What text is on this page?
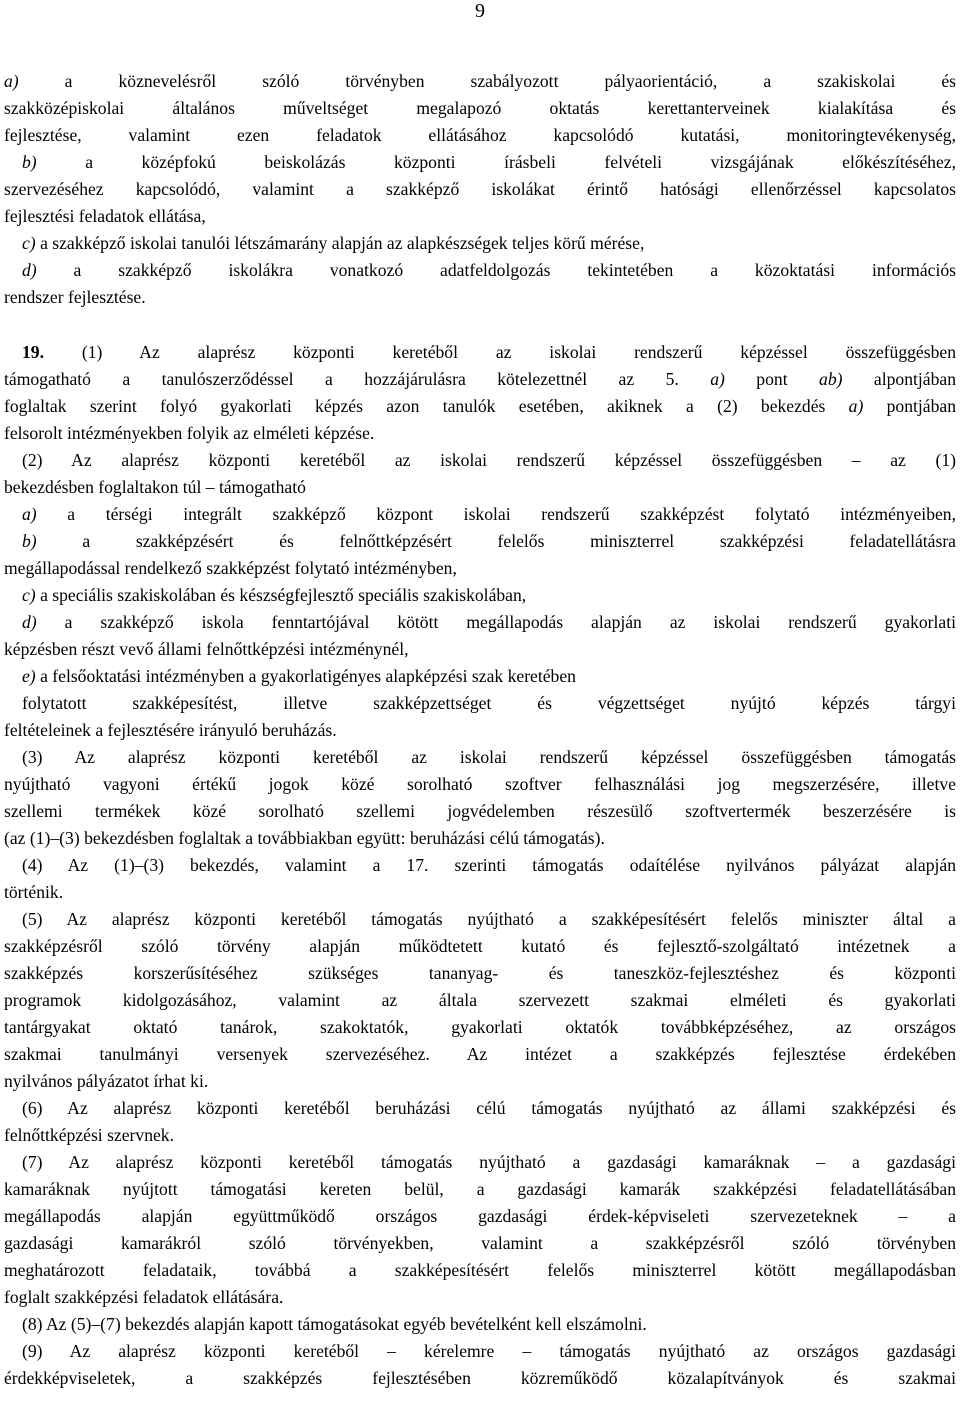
9
a) a köznevelésről szóló törvényben szabályozott pályaorientáció, a szakiskolai és
szakközépiskolai általános műveltséget megalapozó oktatás kerettanterveinek kialakítása és
fejlesztése, valamint ezen feladatok ellátásához kapcsolódó kutatási, monitoringtevékenység,
b) a középfokú beiskolázás központi írásbeli felvételi vizsgájának előkészítéséhez,
szervezéséhez kapcsolódó, valamint a szakképző iskolákat érintő hatósági ellenőrzéssel kapcsolatos
fejlesztési feladatok ellátása,
c) a szakképző iskolai tanulói létszámarány alapján az alapkészségek teljes körű mérése,
d) a szakképző iskolákra vonatkozó adatfeldolgozás tekintetében a közoktatási információs
rendszer fejlesztése.
19. (1) Az alaprész központi keretéből az iskolai rendszerű képzéssel összefüggésben
támogatható a tanulószerződéssel a hozzájárulásra kötelezettnél az 5. a) pont ab) alpontjában
foglaltak szerint folyó gyakorlati képzés azon tanulók esetében, akiknek a (2) bekezdés a) pontjában
felsorolt intézményekben folyik az elméleti képzése.
(2) Az alaprész központi keretéből az iskolai rendszerű képzéssel összefüggésben – az (1)
bekezdésben foglaltakon túl – támogatható
a) a térségi integrált szakképző központ iskolai rendszerű szakképzést folytató intézményeiben,
b) a szakképzésért és felnőttképzésért felelős miniszterrel szakképzési feladatellátásra
megállapodással rendelkező szakképzést folytató intézményben,
c) a speciális szakiskolában és készségfejlesztő speciális szakiskolában,
d) a szakképző iskola fenntartójával kötött megállapodás alapján az iskolai rendszerű gyakorlati
képzésben részt vevő állami felnőttképzési intézménynél,
e) a felsőoktatási intézményben a gyakorlatigényes alapképzési szak keretében
folytatott szakképesítést, illetve szakképzettséget és végzettséget nyújtó képzés tárgyi
feltételeinek a fejlesztésére irányuló beruházás.
(3) Az alaprész központi keretéből az iskolai rendszerű képzéssel összefüggésben támogatás
nyújtható vagyoni értékű jogok közé sorolható szoftver felhasználási jog megszerzésére, illetve
szellemi termékek közé sorolható szellemi jogvédelemben részesülő szoftvertermék beszerzésére is
(az (1)–(3) bekezdésben foglaltak a továbbiakban együtt: beruházási célú támogatás).
(4) Az (1)–(3) bekezdés, valamint a 17. szerinti támogatás odaítélése nyilvános pályázat alapján
történik.
(5) Az alaprész központi keretéből támogatás nyújtható a szakképesítésért felelős miniszter által a
szakképzésről szóló törvény alapján működtetett kutató és fejlesztő-szolgáltató intézetnek a
szakképzés korszerűsítéséhez szükséges tananyag- és taneszköz-fejlesztéshez és központi
programok kidolgozásához, valamint az általa szervezett szakmai elméleti és gyakorlati
tantárgyakat oktató tanárok, szakoktatók, gyakorlati oktatók továbbképzéséhez, az országos
szakmai tanulmányi versenyek szervezéséhez. Az intézet a szakképzés fejlesztése érdekében
nyilvános pályázatot írhat ki.
(6) Az alaprész központi keretéből beruházási célú támogatás nyújtható az állami szakképzési és
felnőttképzési szervnek.
(7) Az alaprész központi keretéből támogatás nyújtható a gazdasági kamaráknak – a gazdasági
kamaráknak nyújtott támogatási kereten belül, a gazdasági kamarák szakképzési feladatellátásában
megállapodás alapján együttműködő országos gazdasági érdek-képviseleti szervezeteknek – a
gazdasági kamarákról szóló törvényekben, valamint a szakképzésről szóló törvényben
meghatározott feladataik, továbbá a szakképesítésért felelős miniszterrel kötött megállapodásban
foglalt szakképzési feladatok ellátására.
(8) Az (5)–(7) bekezdés alapján kapott támogatásokat egyéb bevételként kell elszámolni.
(9) Az alaprész központi keretéből – kérelemre – támogatás nyújtható az országos gazdasági
érdekképviseletek, a szakképzés fejlesztésében közreműködő közalapítványok és szakmai
